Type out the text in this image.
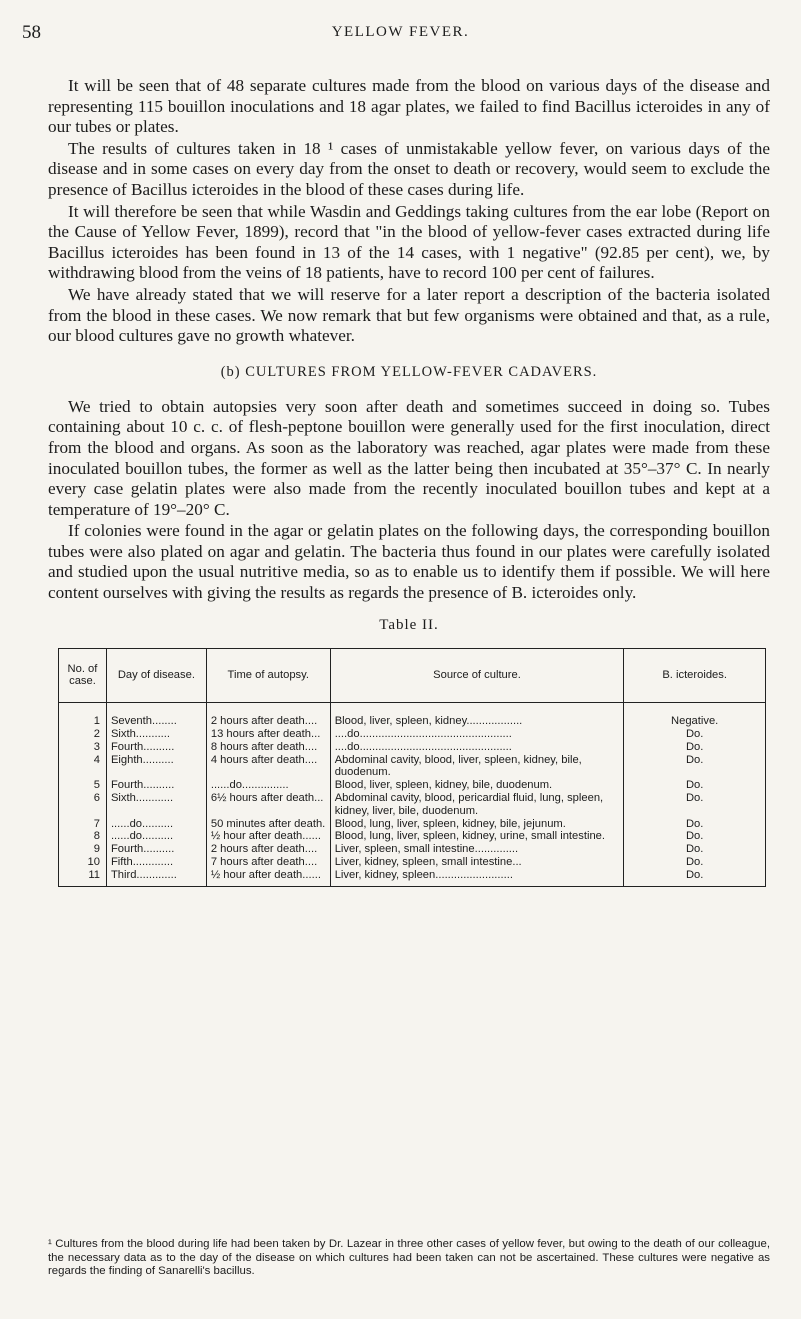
58	YELLOW FEVER.

It will be seen that of 48 separate cultures made from the blood on various days of the disease and representing 115 bouillon inoculations and 18 agar plates, we failed to find Bacillus icteroides in any of our tubes or plates.

The results of cultures taken in 18 ¹ cases of unmistakable yellow fever, on various days of the disease and in some cases on every day from the onset to death or recovery, would seem to exclude the presence of Bacillus icteroides in the blood of these cases during life.

It will therefore be seen that while Wasdin and Geddings taking cultures from the ear lobe (Report on the Cause of Yellow Fever, 1899), record that "in the blood of yellow-fever cases extracted during life Bacillus icteroides has been found in 13 of the 14 cases, with 1 negative" (92.85 per cent), we, by withdrawing blood from the veins of 18 patients, have to record 100 per cent of failures.

We have already stated that we will reserve for a later report a description of the bacteria isolated from the blood in these cases. We now remark that but few organisms were obtained and that, as a rule, our blood cultures gave no growth whatever.

(b) CULTURES FROM YELLOW-FEVER CADAVERS.

We tried to obtain autopsies very soon after death and sometimes succeed in doing so. Tubes containing about 10 c. c. of flesh-peptone bouillon were generally used for the first inoculation, direct from the blood and organs. As soon as the laboratory was reached, agar plates were made from these inoculated bouillon tubes, the former as well as the latter being then incubated at 35°–37° C. In nearly every case gelatin plates were also made from the recently inoculated bouillon tubes and kept at a temperature of 19°–20° C.

If colonies were found in the agar or gelatin plates on the following days, the corresponding bouillon tubes were also plated on agar and gelatin. The bacteria thus found in our plates were carefully isolated and studied upon the usual nutritive media, so as to enable us to identify them if possible. We will here content ourselves with giving the results as regards the presence of B. icteroides only.

Table II.
No. of case.	Day of disease.	Time of autopsy.	Source of culture.	B. icteroides.
1	Seventh........	2 hours after death....	Blood, liver, spleen, kidney..................	Negative.
2	Sixth...........	13 hours after death...	....do.................................................	Do.
3	Fourth..........	8 hours after death....	....do.................................................	Do.
4	Eighth..........	4 hours after death....	Abdominal cavity, blood, liver, spleen, kidney, bile, duodenum.	Do.
5	Fourth..........	......do...............	Blood, liver, spleen, kidney, bile, duodenum.	Do.
6	Sixth............	6½ hours after death...	Abdominal cavity, blood, pericardial fluid, lung, spleen, kidney, liver, bile, duodenum.	Do.
7	......do..........	50 minutes after death.	Blood, lung, liver, spleen, kidney, bile, jejunum.	Do.
8	......do..........	½ hour after death......	Blood, lung, liver, spleen, kidney, urine, small intestine.	Do.
9	Fourth..........	2 hours after death....	Liver, spleen, small intestine..............	Do.
10	Fifth.............	7 hours after death....	Liver, kidney, spleen, small intestine...	Do.
11	Third.............	½ hour after death......	Liver, kidney, spleen.........................	Do.
¹ Cultures from the blood during life had been taken by Dr. Lazear in three other cases of yellow fever, but owing to the death of our colleague, the necessary data as to the day of the disease on which cultures had been taken can not be ascertained. These cultures were negative as regards the finding of Sanarelli's bacillus.
